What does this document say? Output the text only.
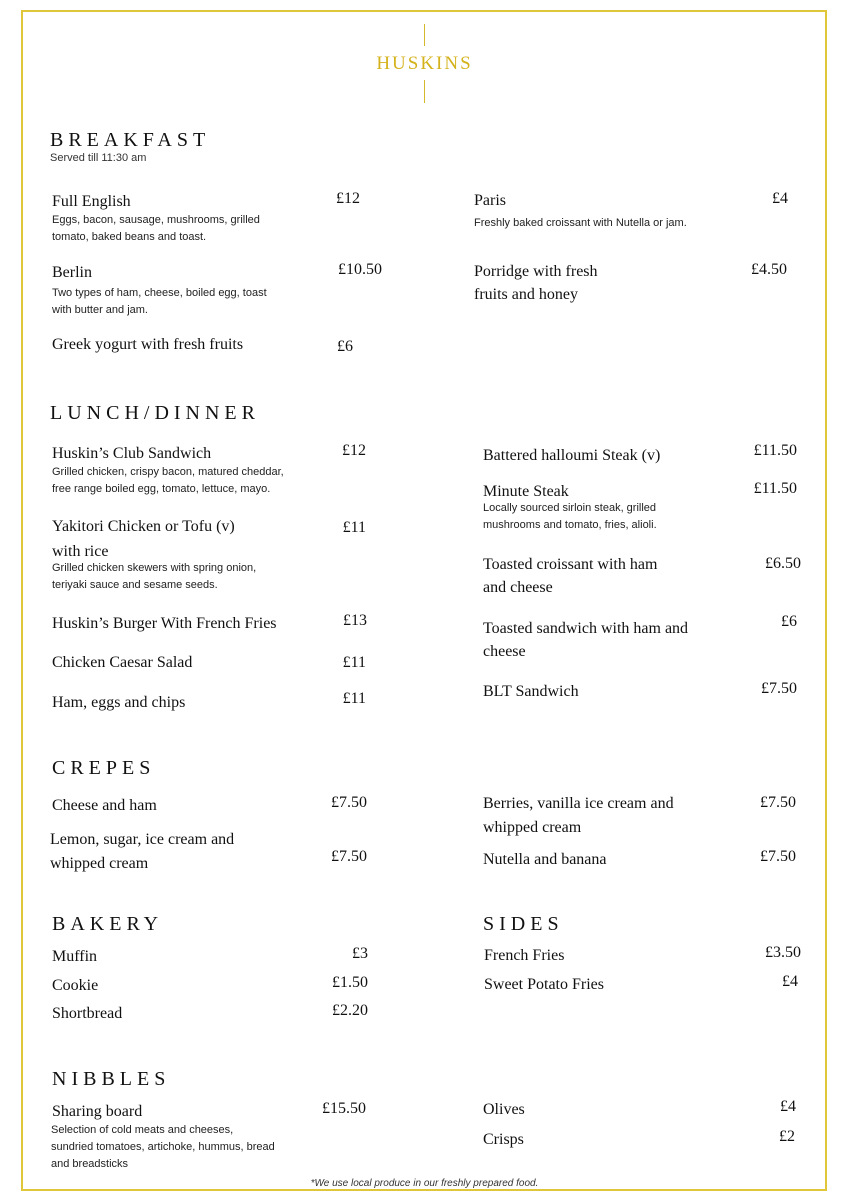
HUSKINS
BREAKFAST
Served till 11:30 am
Full English	£12
Eggs, bacon, sausage, mushrooms, grilled
tomato, baked beans and toast.
Berlin	£10.50
Two types of ham, cheese, boiled egg, toast
with butter and jam.
Greek yogurt with fresh fruits	£6
Paris	£4
Freshly baked croissant with Nutella or jam.
Porridge with fresh
fruits and honey
£4.50
LUNCH/DINNER
Huskin’s Club Sandwich	£12
Grilled chicken, crispy bacon, matured cheddar,
free range boiled egg, tomato, lettuce, mayo.
Yakitori Chicken or Tofu (v)
with rice
£11
Grilled chicken skewers with spring onion,
teriyaki sauce and sesame seeds.
Huskin’s Burger With French Fries	£13
Chicken Caesar Salad	£11
Ham, eggs and chips	£11
Battered halloumi Steak (v)	£11.50
Minute Steak	£11.50
Locally sourced sirloin steak, grilled
mushrooms and tomato, fries, alioli.
Toasted croissant with ham
and cheese
£6.50
Toasted sandwich with ham and
cheese
£6
BLT Sandwich	£7.50
CREPES
Cheese and ham	£7.50
Lemon, sugar, ice cream and
whipped cream	£7.50
Berries, vanilla ice cream and
whipped cream
£7.50
Nutella and banana	£7.50
BAKERY
Muffin	£3
Cookie	£1.50
Shortbread	£2.20
SIDES
French Fries	£3.50
Sweet Potato Fries	£4
NIBBLES
Sharing board	£15.50
Selection of cold meats and cheeses,
sundried tomatoes, artichoke, hummus, bread
and breadsticks
Olives	£4
Crisps	£2
*We use local produce in our freshly prepared food.
